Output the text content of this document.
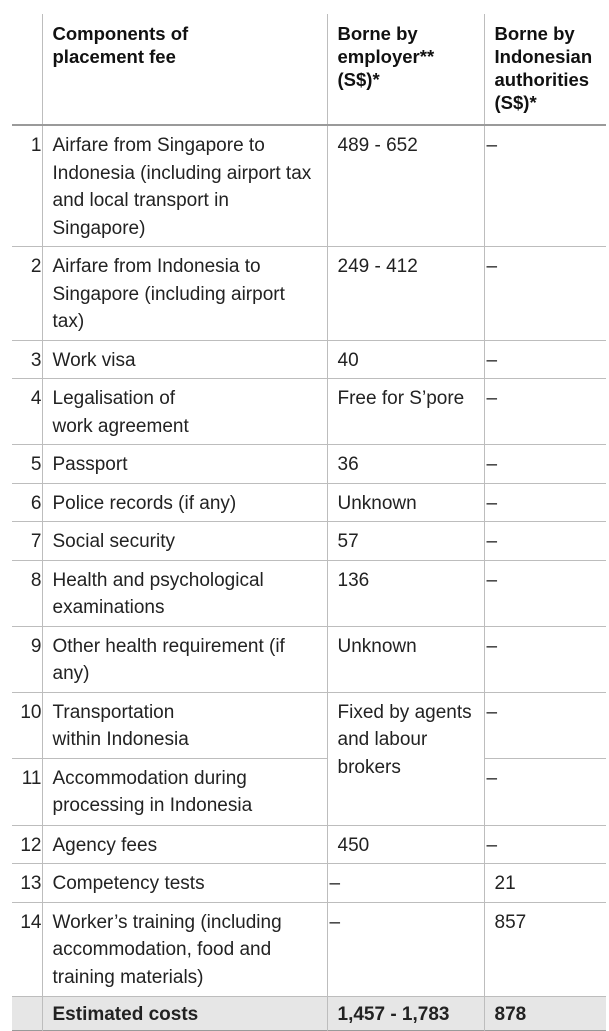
	Components of placement fee	Borne by employer** (S$)*	Borne by Indonesian authorities (S$)*

1	Airfare from Singapore to Indonesia (including airport tax and local transport in Singapore)	489 - 652	–
2	Airfare from Indonesia to Singapore (including airport tax)	249 - 412	–
3	Work visa	40	–
4	Legalisation of work agreement	Free for S’pore	–
5	Passport	36	–
6	Police records (if any)	Unknown	–
7	Social security	57	–
8	Health and psychological examinations	136	–
9	Other health requirement (if any)	Unknown	–
10	Transportation within Indonesia	Fixed by agents and labour brokers	–
11	Accommodation during processing in Indonesia		–
12	Agency fees	450	–
13	Competency tests	–	21
14	Worker’s training (including accommodation, food and training materials)	–	857
	Estimated costs	1,457 - 1,783	878
